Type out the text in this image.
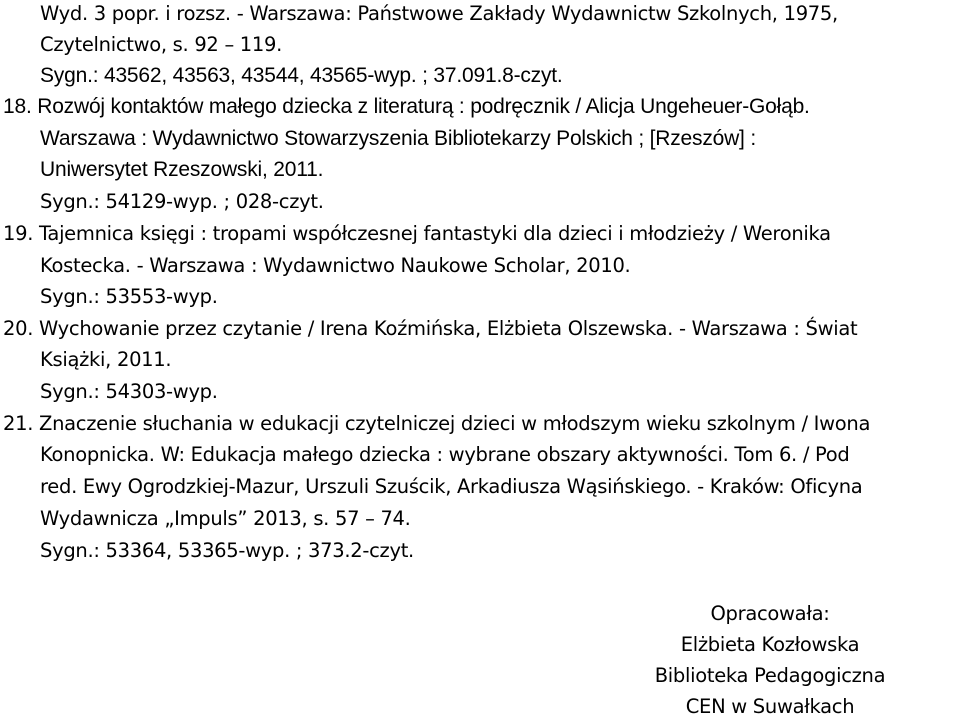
Wyd. 3 popr. i rozsz. - Warszawa: Państwowe Zakłady Wydawnictw Szkolnych, 1975,
Czytelnictwo, s. 92 – 119.
Sygn.: 43562, 43563, 43544, 43565-wyp. ; 37.091.8-czyt.
18. Rozwój kontaktów małego dziecka z literaturą : podręcznik / Alicja Ungeheuer-Gołąb.
Warszawa : Wydawnictwo Stowarzyszenia Bibliotekarzy Polskich ; [Rzeszów] :
Uniwersytet Rzeszowski, 2011.
Sygn.: 54129-wyp. ; 028-czyt.
19. Tajemnica księgi : tropami współczesnej fantastyki dla dzieci i młodzieży / Weronika
Kostecka. - Warszawa : Wydawnictwo Naukowe Scholar, 2010.
Sygn.: 53553-wyp.
20. Wychowanie przez czytanie / Irena Koźmińska, Elżbieta Olszewska. - Warszawa : Świat
Książki, 2011.
Sygn.: 54303-wyp.
21. Znaczenie słuchania w edukacji czytelniczej dzieci w młodszym wieku szkolnym / Iwona
Konopnicka. W: Edukacja małego dziecka : wybrane obszary aktywności. Tom 6. / Pod
red. Ewy Ogrodzkiej-Mazur, Urszuli Szuścik, Arkadiusza Wąsińskiego. - Kraków: Oficyna
Wydawnicza „Impuls” 2013, s. 57 – 74.
Sygn.: 53364, 53365-wyp. ; 373.2-czyt.
Opracowała:
Elżbieta Kozłowska
Biblioteka Pedagogiczna
CEN w Suwałkach
